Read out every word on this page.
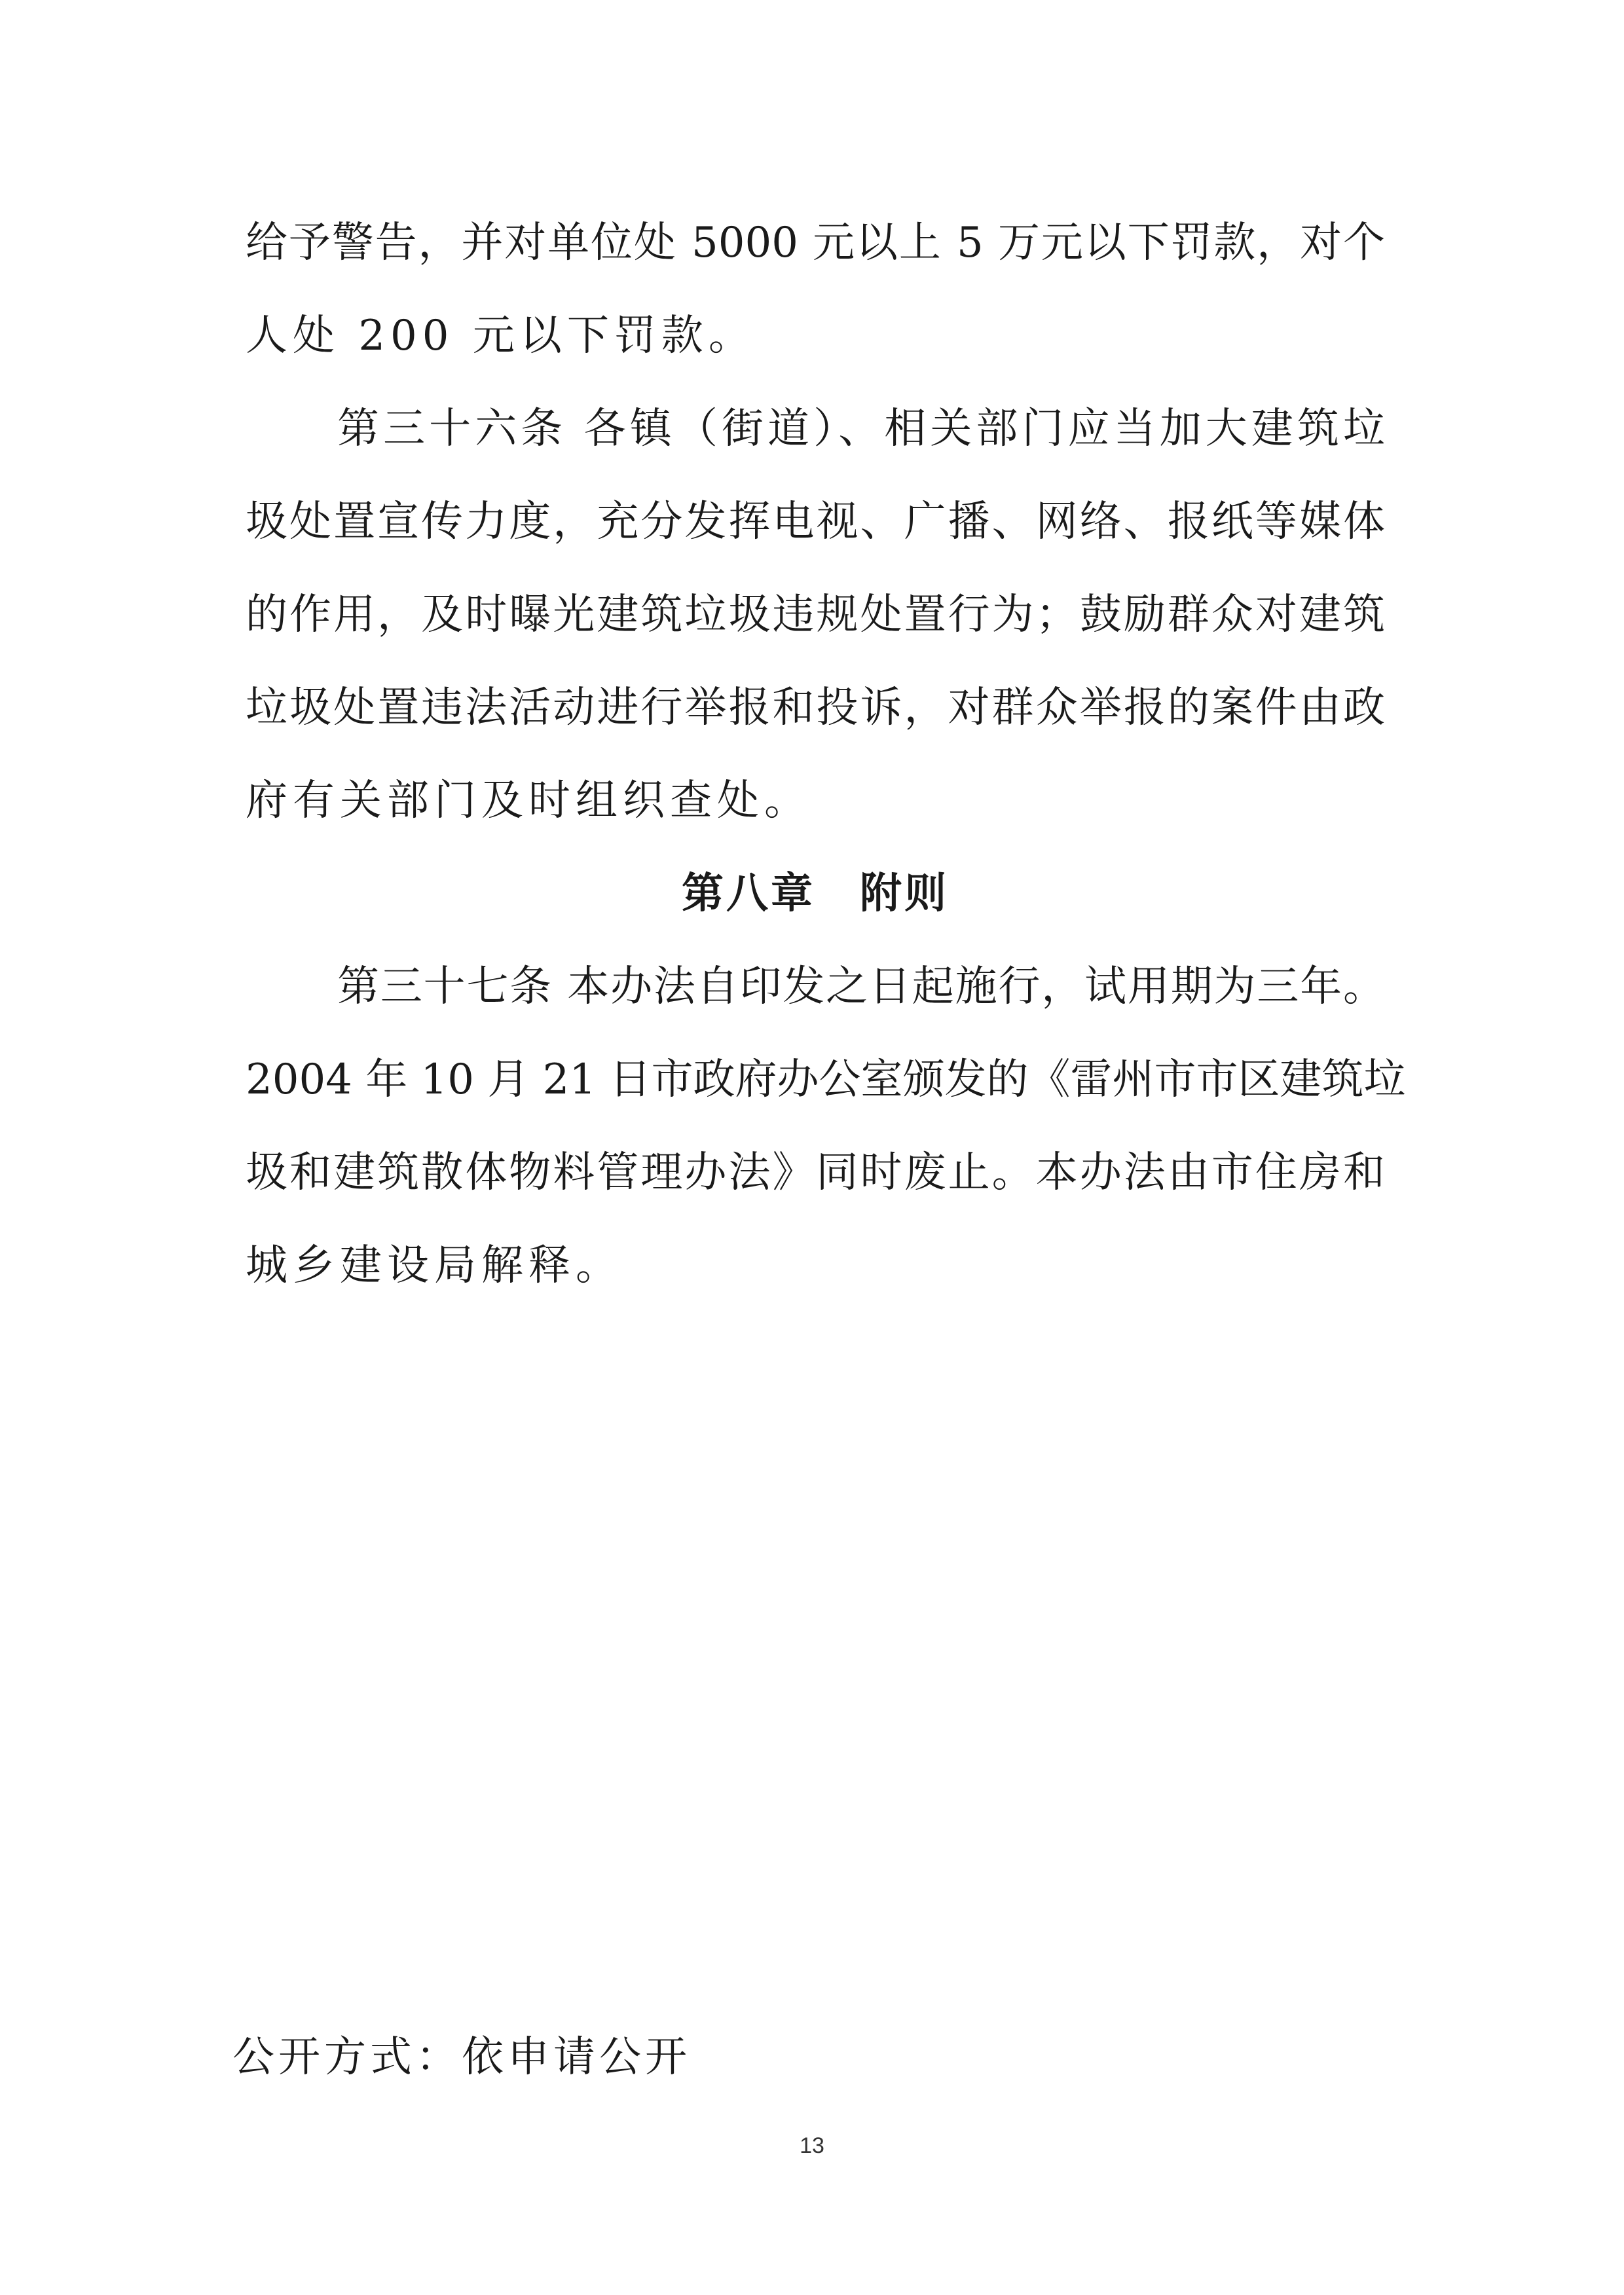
给予警告，并对单位处 5000 元以上 5 万元以下罚款，对个
人处 200 元以下罚款。
第三十六条 各镇（街道）、相关部门应当加大建筑垃
圾处置宣传力度，充分发挥电视、广播、网络、报纸等媒体
的作用，及时曝光建筑垃圾违规处置行为；鼓励群众对建筑
垃圾处置违法活动进行举报和投诉，对群众举报的案件由政
府有关部门及时组织查处。
第八章　附则
第三十七条 本办法自印发之日起施行，试用期为三年。
2004 年 10 月 21 日市政府办公室颁发的《雷州市市区建筑垃
圾和建筑散体物料管理办法》同时废止。本办法由市住房和
城乡建设局解释。
公开方式：依申请公开
13
